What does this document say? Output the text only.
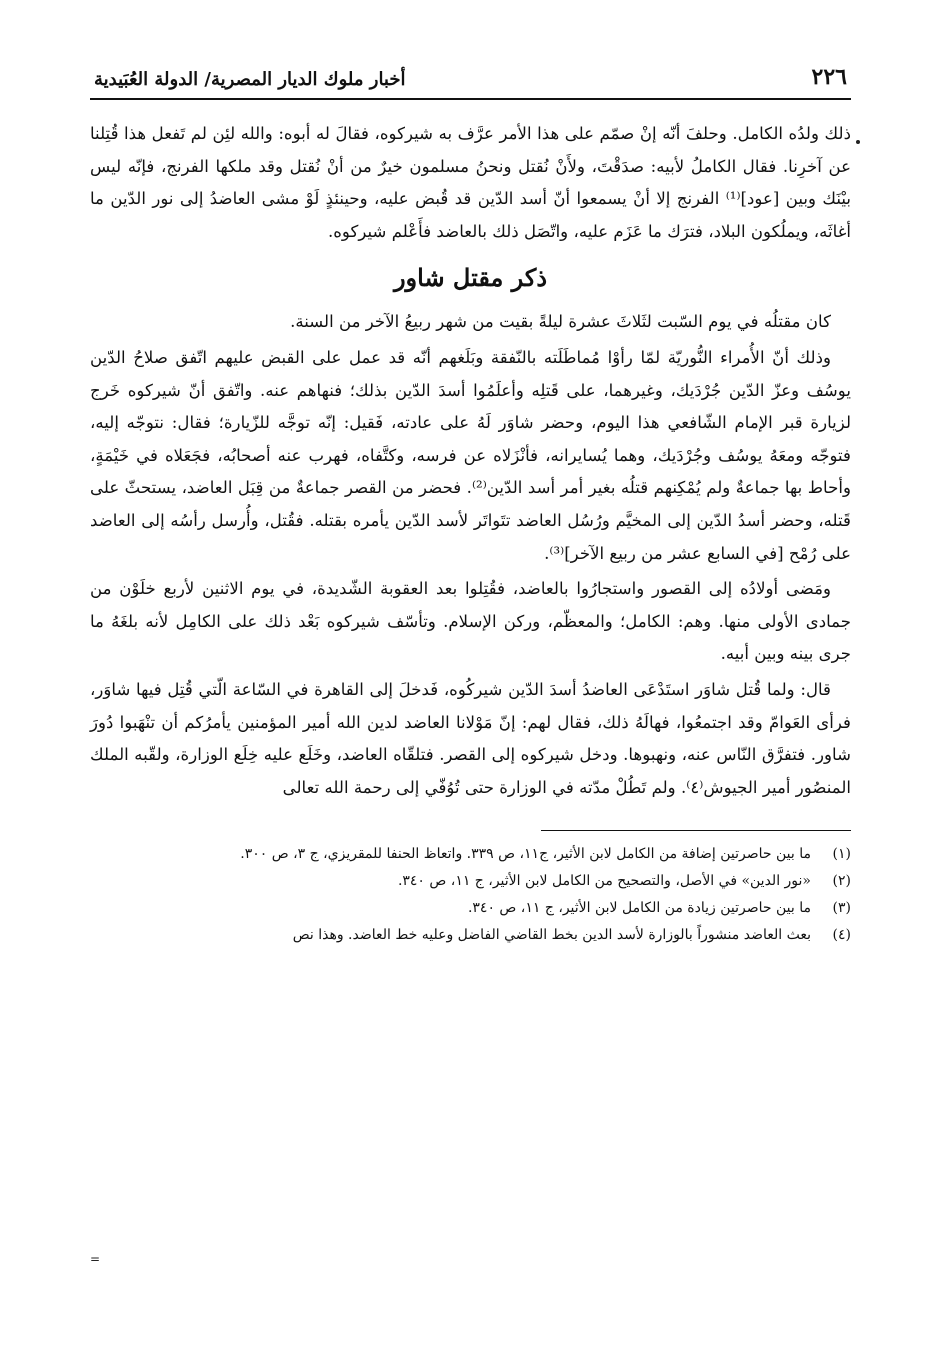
٢٢٦
أخبار ملوك الديار المصرية/ الدولة العُبَيدية

ذلك ولدُه الكامل. وحلفَ أنّه إنْ صمّم على هذا الأمر عرَّف به شيركوه، فقالَ له أبوه: والله لئِن لم تَفعل هذا قُتِلنا عن آخرِنا. فقال الكاملُ لأبيه: صدَقْتَ، ولأَنْ نُقتل ونحنُ مسلمون خيرٌ من أنْ نُقتل وقد ملكها الفرنج، فإنّه ليس بيْنَك وبين [عود]⁽¹⁾ الفرنج إلا أنْ يسمعوا أنّ أسد الدّين قد قُبض عليه، وحينئذٍ لَوْ مشى العاضدُ إلى نور الدّين ما أغاثَه، ويملُكون البلاد، فترَك ما عَزَم عليه، واتّصَل ذلك بالعاضد فأَعْلم شيركوه.

ذكر مقتل شاور

كان مقتلُه في يوم السّبت لثَلاثَ عشرة ليلةً بقيت من شهر ربيعُ الآخر من السنة.

وذلك أنّ الأُمراء النُّوريّة لمّا رأوْا مُماطَلَته بالنّفقة وبَلَغهم أنّه قد عمل على القبض عليهم اتّفق صلاحُ الدّين يوسُف وعزّ الدّين جُرْدَيك، وغيرهما، على قَتلِه وأعلَمُوا أسدَ الدّين بذلك؛ فنهاهم عنه. واتّفق أنّ شيركوه خَرج لزيارة قبر الإمام الشّافعي هذا اليوم، وحضر شاوَر لَهُ على عادته، فَقيل: إنّه توجَّه للزّيارة؛ فقال: نتوجّه إليه، فتوجّه ومعَهُ يوسُف وجُرْدَيك، وهما يُسايرانه، فأنْزَلاه عن فرسه، وكتَّفاه، فهرب عنه أصحابُه، فجَعَلاه في خَيْمَةٍ، وأحاط بها جماعةٌ ولم يُمْكِنهم قتلُه بغير أمر أسد الدّين⁽²⁾. فحضر من القصر جماعةٌ من قِبَل العاضد، يستحثّ على قَتله، وحضر أسدُ الدّين إلى المخيَّم ورُسُل العاضد تتَواتَر لأسد الدّين يأمره بقتله. فقُتل، وأُرسل رأسُه إلى العاضد على رُمْح [في السابع عشر من ربيع الآخر]⁽³⁾.

ومَضى أولادُه إلى القصور واستجارُوا بالعاضد، فقُتِلوا بعد العقوبة الشّديدة، في يوم الاثنين لأربع خلَوْن من جمادى الأولى منها. وهم: الكامل؛ والمعظّم، وركن الإسلام. وتأسّف شيركوه بَعْد ذلك على الكامِل لأنه بلغَهُ ما جرى بينه وبين أبيه.

قال: ولما قُتل شاوَر استَدْعَى العاضدُ أسدَ الدّين شيركُوه، فَدخلَ إلى القاهرة في السّاعة الّتي قُتِل فيها شاوَر، فرأى العَوامّ وقد اجتمعُوا، فهالَهُ ذلك، فقال لهم: إنّ مَوْلانا العاضد لدين الله أمير المؤمنين يأمرُكم أن تنْهَبوا دُورَ شاور. فتفرَّق النّاس عنه، ونهبوها. ودخل شيركوه إلى القصر. فتلقّاه العاضد، وخَلَع عليه خِلَع الوزارة، ولقّبه الملك المنصُور أمير الجيوش⁽٤⁾. ولم تَطُلْ مدّته في الوزارة حتى تُوُفّي إلى رحمة الله تعالى

(١)
ما بين حاصرتين إضافة من الكامل لابن الأثير، ج١١، ص ٣٣٩. واتعاظ الحنفا للمقريزي، ج ٣، ص ٣٠٠.
(٢)
«نور الدين» في الأصل، والتصحيح من الكامل لابن الأثير، ج ١١، ص ٣٤٠.
(٣)
ما بين حاصرتين زيادة من الكامل لابن الأثير، ج ١١، ص ٣٤٠.
(٤)
بعث العاضد منشوراً بالوزارة لأسد الدين بخط القاضي الفاضل وعليه خط العاضد. وهذا نص
=
